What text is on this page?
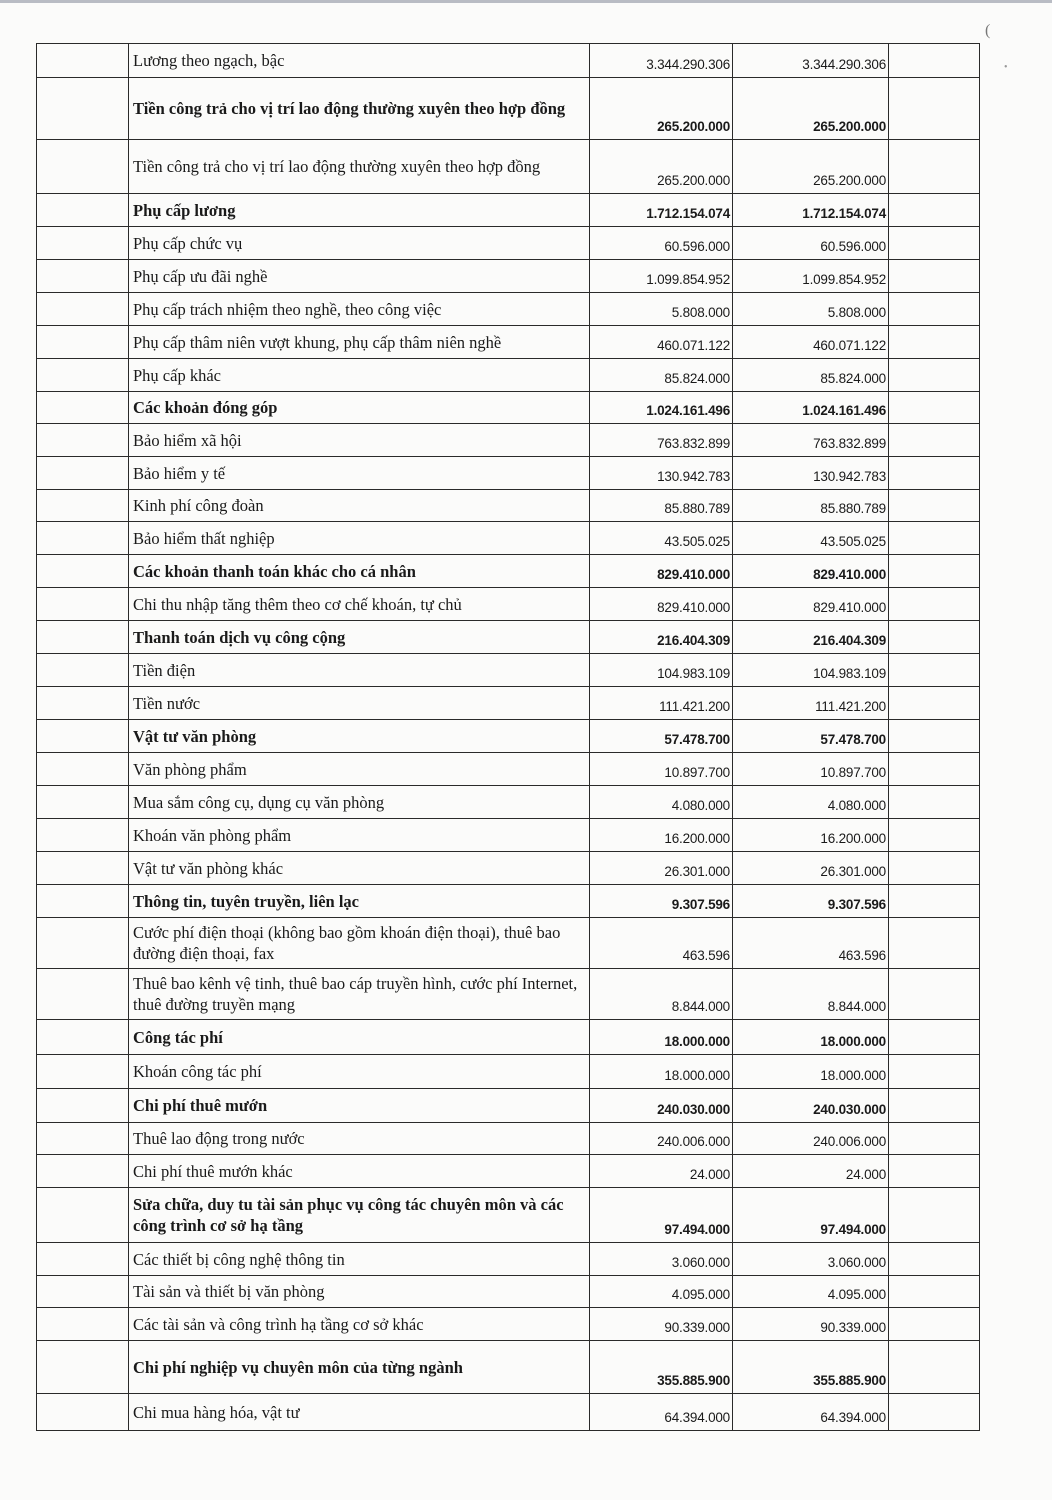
(
•
	Lương theo ngạch, bậc	3.344.290.306	3.344.290.306	
	Tiền công trả cho vị trí lao động thường xuyên theo hợp đồng	265.200.000	265.200.000	
	Tiền công trả cho vị trí lao động thường xuyên theo hợp đồng	265.200.000	265.200.000	
	Phụ cấp lương	1.712.154.074	1.712.154.074	
	Phụ cấp chức vụ	60.596.000	60.596.000	
	Phụ cấp ưu đãi nghề	1.099.854.952	1.099.854.952	
	Phụ cấp trách nhiệm theo nghề, theo công việc	5.808.000	5.808.000	
	Phụ cấp thâm niên vượt khung, phụ cấp thâm niên nghề	460.071.122	460.071.122	
	Phụ cấp khác	85.824.000	85.824.000	
	Các khoản đóng góp	1.024.161.496	1.024.161.496	
	Bảo hiểm xã hội	763.832.899	763.832.899	
	Bảo hiểm y tế	130.942.783	130.942.783	
	Kinh phí công đoàn	85.880.789	85.880.789	
	Bảo hiểm thất nghiệp	43.505.025	43.505.025	
	Các khoản thanh toán khác cho cá nhân	829.410.000	829.410.000	
	Chi thu nhập tăng thêm theo cơ chế khoán, tự chủ	829.410.000	829.410.000	
	Thanh toán dịch vụ công cộng	216.404.309	216.404.309	
	Tiền điện	104.983.109	104.983.109	
	Tiền nước	111.421.200	111.421.200	
	Vật tư văn phòng	57.478.700	57.478.700	
	Văn phòng phẩm	10.897.700	10.897.700	
	Mua sắm công cụ, dụng cụ văn phòng	4.080.000	4.080.000	
	Khoán văn phòng phẩm	16.200.000	16.200.000	
	Vật tư văn phòng khác	26.301.000	26.301.000	
	Thông tin, tuyên truyền, liên lạc	9.307.596	9.307.596	
	Cước phí điện thoại (không bao gồm khoán điện thoại), thuê bao đường điện thoại, fax	463.596	463.596	
	Thuê bao kênh vệ tinh, thuê bao cáp truyền hình, cước phí Internet, thuê đường truyền mạng	8.844.000	8.844.000	
	Công tác phí	18.000.000	18.000.000	
	Khoán công tác phí	18.000.000	18.000.000	
	Chi phí thuê mướn	240.030.000	240.030.000	
	Thuê lao động trong nước	240.006.000	240.006.000	
	Chi phí thuê mướn khác	24.000	24.000	
	Sửa chữa, duy tu tài sản phục vụ công tác chuyên môn và các công trình cơ sở hạ tầng	97.494.000	97.494.000	
	Các thiết bị công nghệ thông tin	3.060.000	3.060.000	
	Tài sản và thiết bị văn phòng	4.095.000	4.095.000	
	Các tài sản và công trình hạ tầng cơ sở khác	90.339.000	90.339.000	
	Chi phí nghiệp vụ chuyên môn của từng ngành	355.885.900	355.885.900	
	Chi mua hàng hóa, vật tư	64.394.000	64.394.000	
